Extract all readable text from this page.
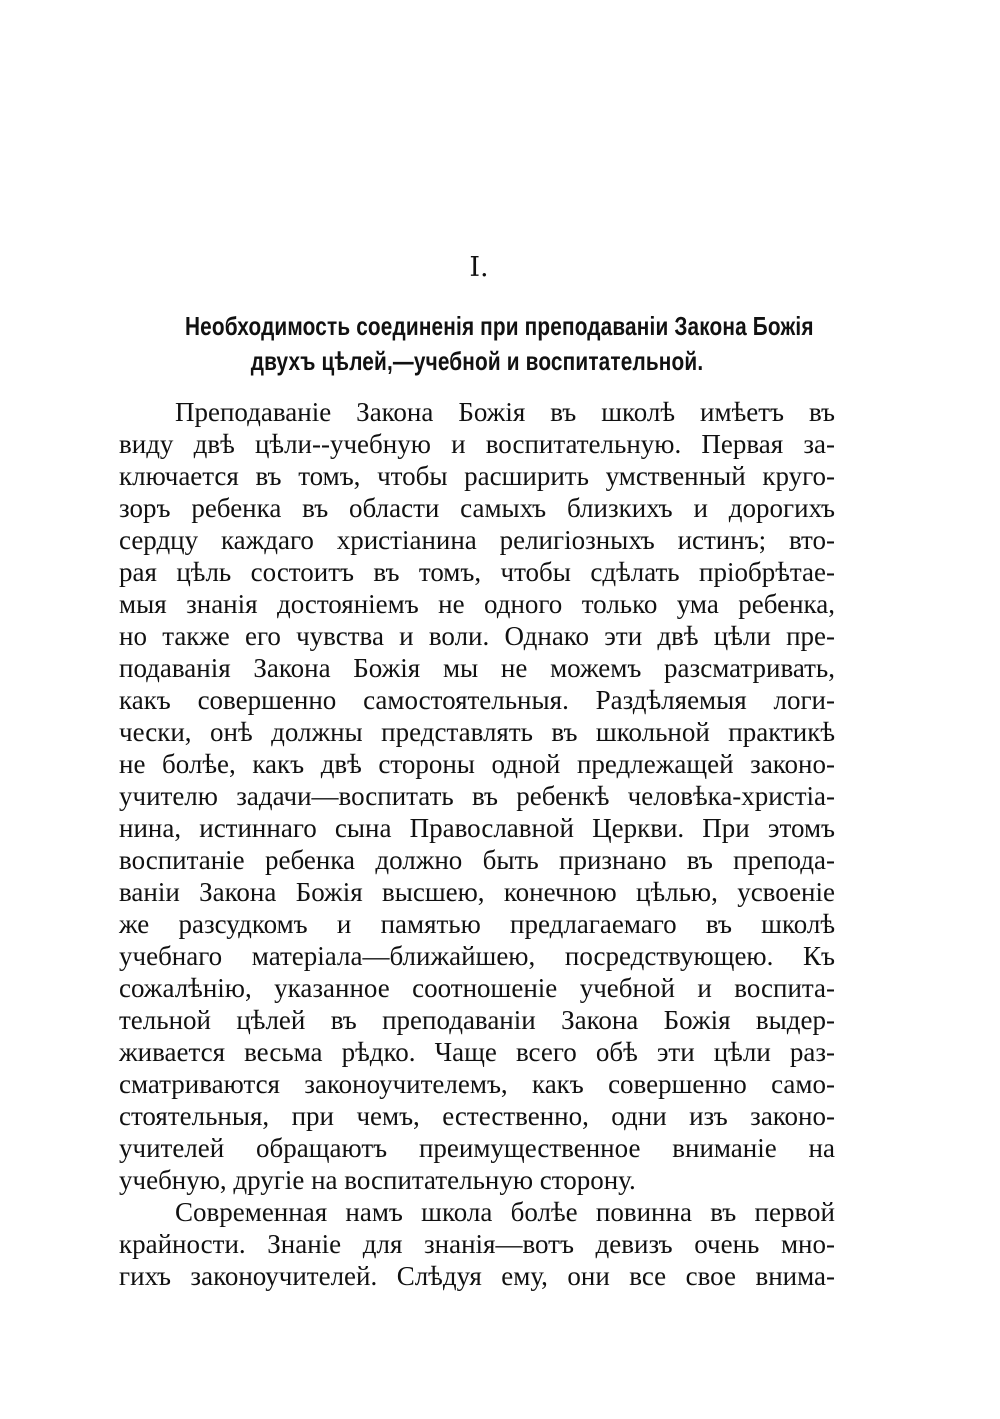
I.
Необходимость соединенія при преподаваніи Закона Божія
двухъ цѣлей,—учебной и воспитательной.
Преподаваніе Закона Божія въ школѣ имѣетъ въ
виду двѣ цѣли--учебную и воспитательную. Первая за-
ключается въ томъ, чтобы расширить умственный круго-
зоръ ребенка въ области самыхъ близкихъ и дорогихъ
сердцу каждаго христіанина религіозныхъ истинъ; вто-
рая цѣль состоитъ въ томъ, чтобы сдѣлать пріобрѣтае-
мыя знанія достояніемъ не одного только ума ребенка,
но также его чувства и воли. Однако эти двѣ цѣли пре-
подаванія Закона Божія мы не можемъ разсматривать,
какъ совершенно самостоятельныя. Раздѣляемыя логи-
чески, онѣ должны представлять въ школьной практикѣ
не болѣе, какъ двѣ стороны одной предлежащей законо-
учителю задачи—воспитать въ ребенкѣ человѣка-христіа-
нина, истиннаго сына Православной Церкви. При этомъ
воспитаніе ребенка должно быть признано въ препода-
ваніи Закона Божія высшею, конечною цѣлью, усвоеніе
же разсудкомъ и памятью предлагаемаго въ школѣ
учебнаго матеріала—ближайшею, посредствующею. Къ
сожалѣнію, указанное соотношеніе учебной и воспита-
тельной цѣлей въ преподаваніи Закона Божія выдер-
живается весьма рѣдко. Чаще всего обѣ эти цѣли раз-
сматриваются законоучителемъ, какъ совершенно само-
стоятельныя, при чемъ, естественно, одни изъ законо-
учителей обращаютъ преимущественное вниманіе на
учебную, другіе на воспитательную сторону.
Современная намъ школа болѣе повинна въ первой
крайности. Знаніе для знанія—вотъ девизъ очень мно-
гихъ законоучителей. Слѣдуя ему, они все свое внима-
